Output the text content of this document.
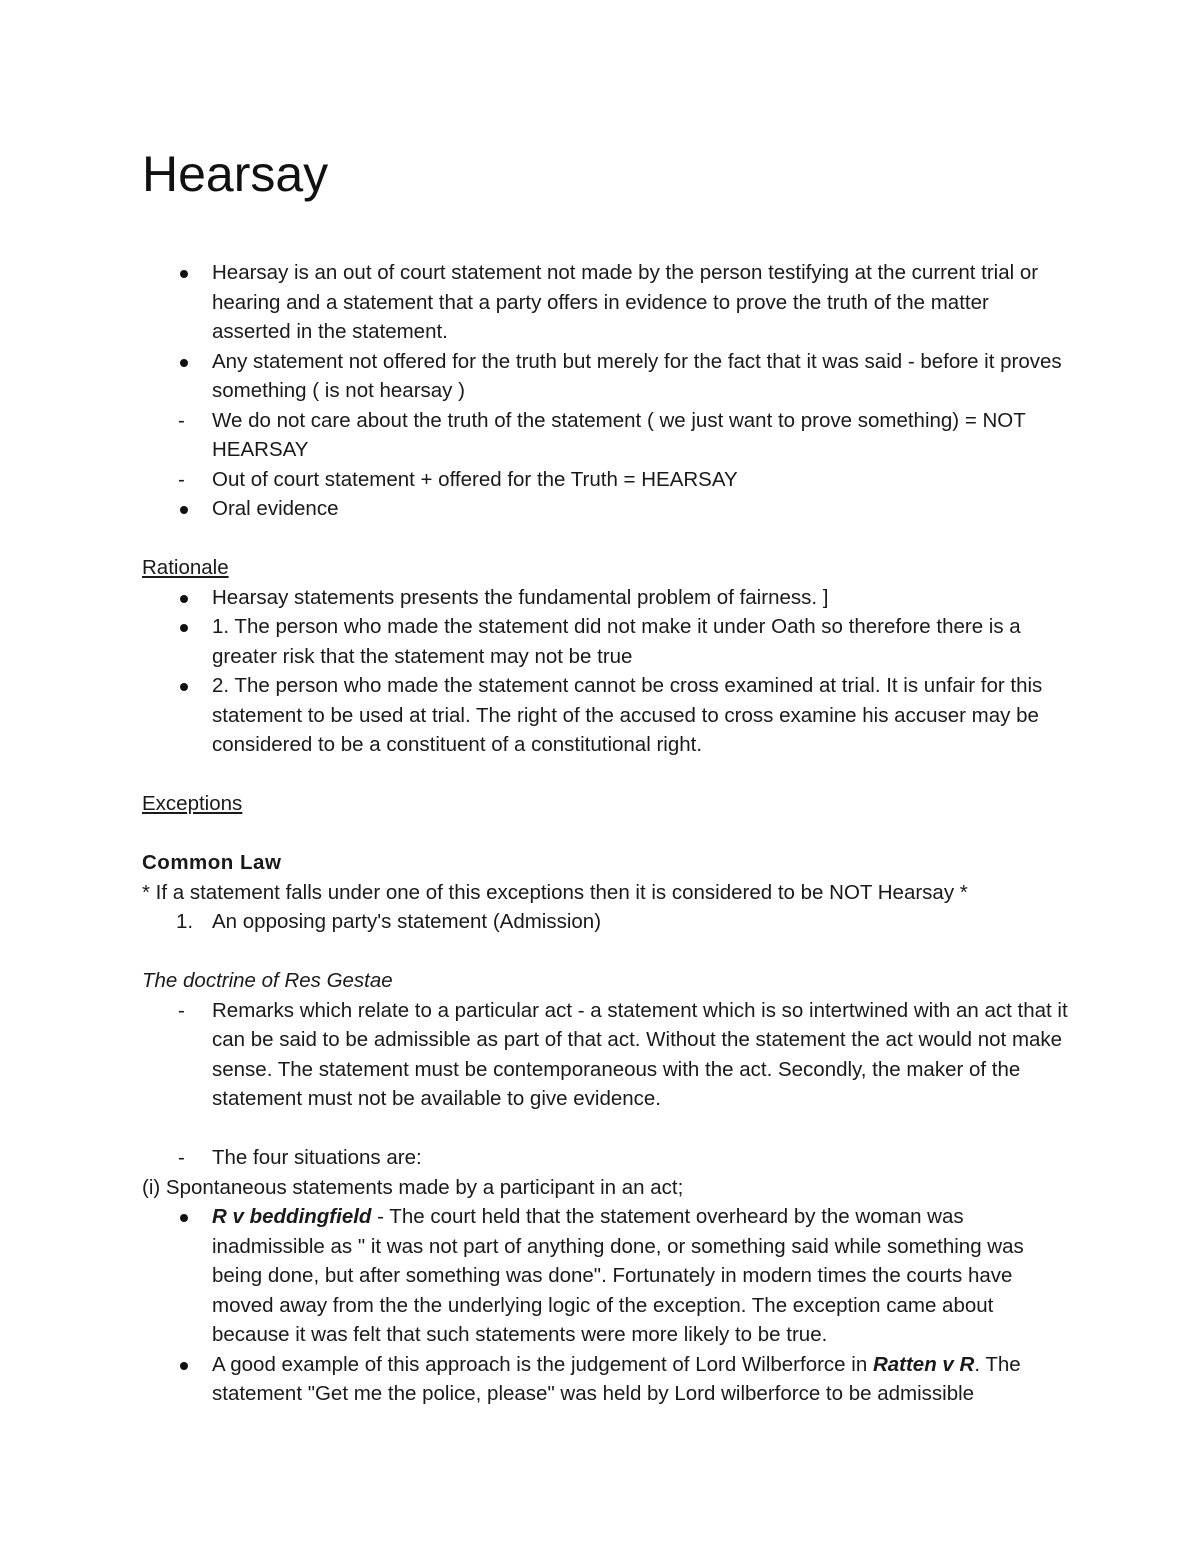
Hearsay
Hearsay is an out of court statement not made by the person testifying at the current trial or hearing and a statement that a party offers in evidence to prove the truth of the matter asserted in the statement.
Any statement not offered for the truth but merely for the fact that it was said - before it proves something ( is not hearsay )
- We do not care about the truth of the statement ( we just want to prove something) = NOT HEARSAY
- Out of court statement + offered for the Truth = HEARSAY
Oral evidence

Rationale

Hearsay statements presents the fundamental problem of fairness. ]
1. The person who made the statement did not make it under Oath so therefore there is a greater risk that the statement may not be true
2. The person who made the statement cannot be cross examined at trial. It is unfair for this statement to be used at trial. The right of the accused to cross examine his accuser may be considered to be a constituent of a constitutional right.

Exceptions

Common Law

* If a statement falls under one of this exceptions then it is considered to be NOT Hearsay *

1. An opposing party's statement (Admission)

The doctrine of Res Gestae

- Remarks which relate to a particular act - a statement which is so intertwined with an act that it can be said to be admissible as part of that act. Without the statement the act would not make sense. The statement must be contemporaneous with the act. Secondly, the maker of the statement must not be available to give evidence.
- The four situations are:

(i) Spontaneous statements made by a participant in an act;

R v beddingfield - The court held that the statement overheard by the woman was inadmissible as " it was not part of anything done, or something said while something was being done, but after something was done". Fortunately in modern times the courts have moved away from the the underlying logic of the exception. The exception came about because it was felt that such statements were more likely to be true.
A good example of this approach is the judgement of Lord Wilberforce in Ratten v R. The statement "Get me the police, please" was held by Lord wilberforce to be admissible
